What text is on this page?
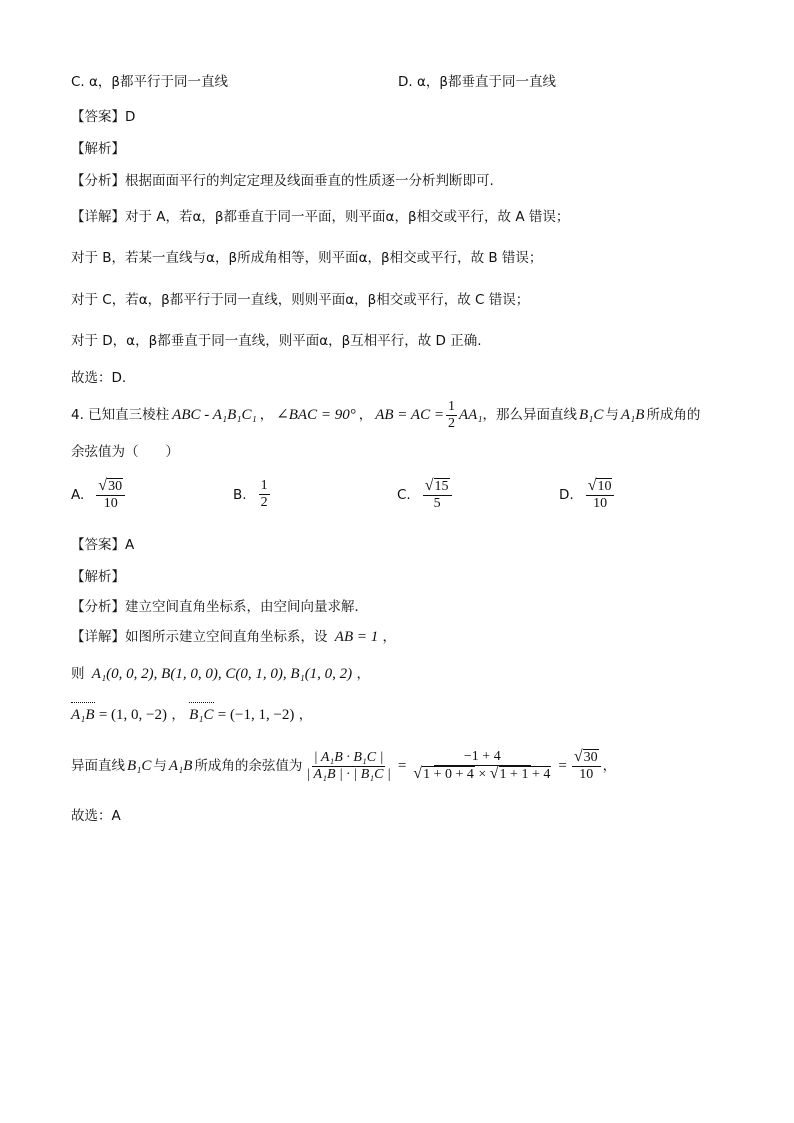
C. α，β都平行于同一直线	D. α，β都垂直于同一直线
【答案】D
【解析】
【分析】根据面面平行的判定定理及线面垂直的性质逐一分析判断即可.
【详解】对于 A，若α，β都垂直于同一平面，则平面α，β相交或平行，故 A 错误；
对于 B，若某一直线与α，β所成角相等，则平面α，β相交或平行，故 B 错误；
对于 C，若α，β都平行于同一直线，则则平面α，β相交或平行，故 C 错误；
对于 D，α，β都垂直于同一直线，则平面α，β互相平行，故 D 正确.
故选：D.
4. 已知直三棱柱 ABC - A₁B₁C₁ ， ∠BAC = 90° ， AB = AC = $\frac{1}{2} AA_1$ ，那么异面直线 B₁C 与 A₁B 所成角的
余弦值为（　　）
A. $\frac{√ 30}{10}$	B. $\frac{1}{2}$	C. $\frac{√ 15}{5}$	D. $\frac{√ 10}{10}$
【答案】A
【解析】
【分析】建立空间直角坐标系，由空间向量求解．
【详解】如图所示建立空间直角坐标系，设 AB = 1 ，
则 A₁(0, 0, 2), B(1, 0, 0), C(0, 1, 0), B₁(1, 0, 2) ，
A₁B = (1, 0, −2) ， B₁C = (−1, 1, −2) ，
异面直线 B₁C 与 A₁B 所成角的余弦值为 $\frac{\text{| A₁B · B₁C |}}{\text{| A₁B | · | B₁C |}} = \frac{-1 + 4}{√ 1 + 0 + 4 \times √ 1 + 1 + 4} = \frac{√ 30}{10}$ ，
故选：A
